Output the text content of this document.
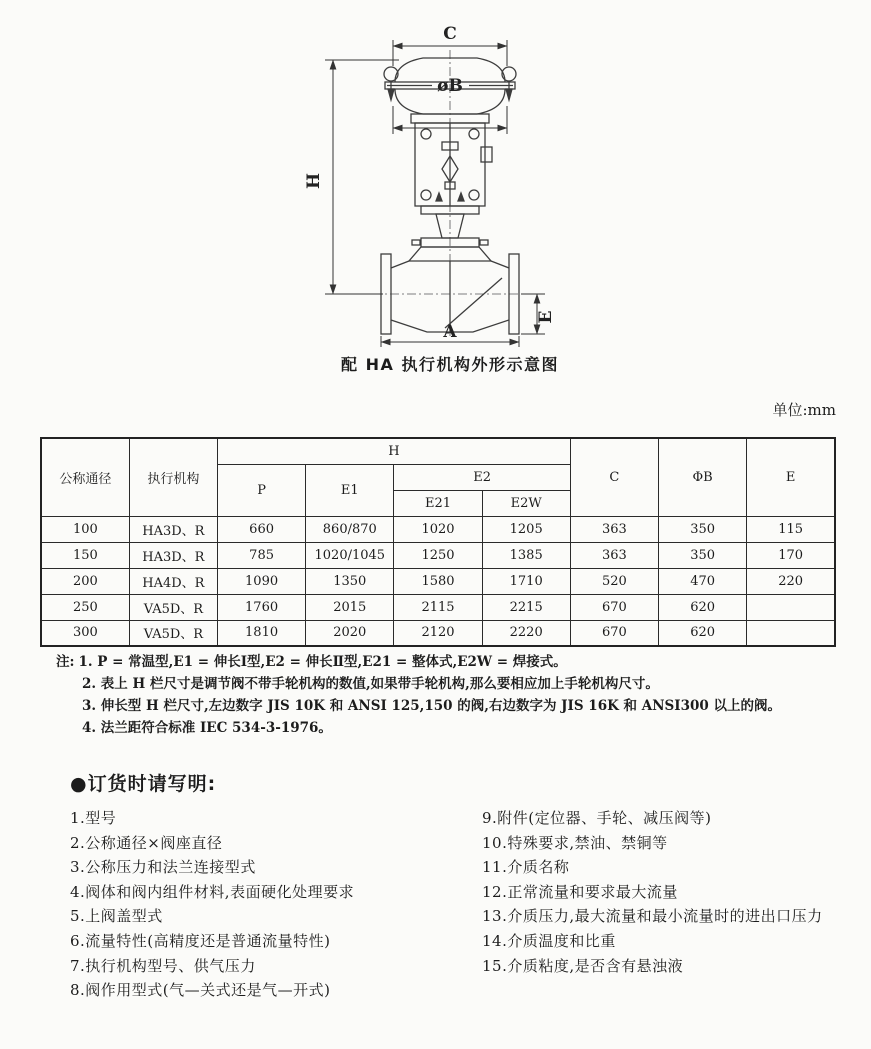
C
øB
H
E
A
配 HA 执行机构外形示意图
单位:mm
公称通径	执行机构	H				C	ΦB	E
		P	E1	E2				
				E21	E2W			
100	HA3D、R	660	860/870	1020	1205	363	350	115
150	HA3D、R	785	1020/1045	1250	1385	363	350	170
200	HA4D、R	1090	1350	1580	1710	520	470	220
250	VA5D、R	1760	2015	2115	2215	670	620	
300	VA5D、R	1810	2020	2120	2220	670	620	
注: 1. P = 常温型,E1 = 伸长Ⅰ型,E2 = 伸长Ⅱ型,E21 = 整体式,E2W = 焊接式。
2. 表上 H 栏尺寸是调节阀不带手轮机构的数值,如果带手轮机构,那么要相应加上手轮机构尺寸。
3. 伸长型 H 栏尺寸,左边数字 JIS 10K 和 ANSI 125,150 的阀,右边数字为 JIS 16K 和 ANSI300 以上的阀。
4. 法兰距符合标准 IEC 534-3-1976。
●订货时请写明:
1.型号
2.公称通径×阀座直径
3.公称压力和法兰连接型式
4.阀体和阀内组件材料,表面硬化处理要求
5.上阀盖型式
6.流量特性(高精度还是普通流量特性)
7.执行机构型号、供气压力
8.阀作用型式(气—关式还是气—开式)
9.附件(定位器、手轮、减压阀等)
10.特殊要求,禁油、禁铜等
11.介质名称
12.正常流量和要求最大流量
13.介质压力,最大流量和最小流量时的进出口压力
14.介质温度和比重
15.介质粘度,是否含有悬浊液
